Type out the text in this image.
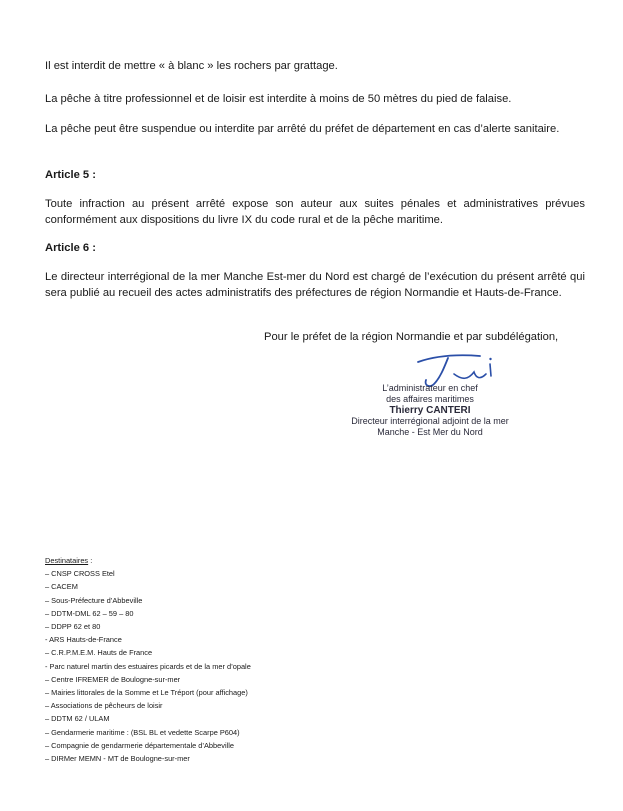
Il est interdit de mettre « à blanc » les rochers par grattage.

La pêche à titre professionnel et de loisir est interdite à moins de 50 mètres du pied de falaise.

La pêche peut être suspendue ou interdite par arrêté du préfet de département en cas d’alerte sanitaire.

Article 5 :

Toute infraction au présent arrêté expose son auteur aux suites pénales et administratives prévues conformément aux dispositions du livre IX du code rural et de la pêche maritime.

Article 6 :

Le directeur interrégional de la mer Manche Est-mer du Nord est chargé de l’exécution du présent arrêté qui sera publié au recueil des actes administratifs des préfectures de région Normandie et Hauts-de-France.

Pour le préfet de la région Normandie et par subdélégation,
L’administrateur en chef
des affaires maritimes
Thierry CANTERI
Directeur interrégional adjoint de la mer
Manche - Est Mer du Nord
Destinataires :
– CNSP CROSS Etel
– CACEM
– Sous-Préfecture d’Abbeville
– DDTM-DML 62 – 59 – 80
– DDPP 62 et 80
- ARS Hauts-de-France
– C.R.P.M.E.M. Hauts de France
- Parc naturel martin des estuaires picards et de la mer d’opale
– Centre IFREMER de Boulogne-sur-mer
– Mairies littorales de la Somme et Le Tréport (pour affichage)
– Associations de pêcheurs de loisir
– DDTM 62 / ULAM
– Gendarmerie maritime : (BSL BL et vedette Scarpe P604)
– Compagnie de gendarmerie départementale d’Abbeville
– DIRMer MEMN - MT de Boulogne-sur-mer
